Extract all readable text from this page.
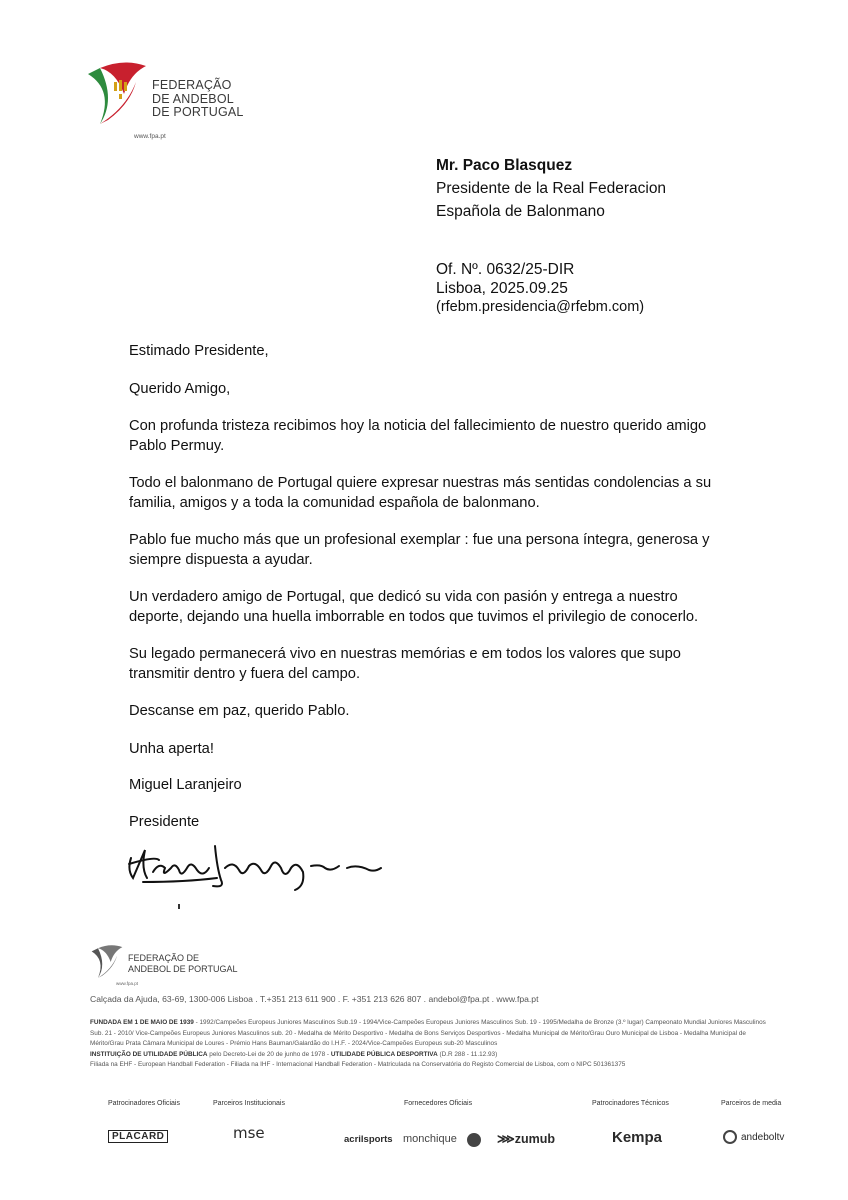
FEDERAÇÃO
DE ANDEBOL
DE PORTUGAL
www.fpa.pt
Mr. Paco Blasquez
Presidente de la Real Federacion
Española de Balonmano
Of. Nº. 0632/25-DIR
Lisboa, 2025.09.25
(rfebm.presidencia@rfebm.com)

Estimado Presidente,

Querido Amigo,

Con profunda tristeza recibimos hoy la noticia del fallecimiento de nuestro querido amigo Pablo Permuy.

Todo el balonmano de Portugal quiere expresar nuestras más sentidas condolencias a su familia, amigos y a toda la comunidad española de balonmano.

Pablo fue mucho más que un profesional exemplar : fue una persona íntegra, generosa y siempre dispuesta a ayudar.

Un verdadero amigo de Portugal, que dedicó su vida con pasión y entrega a nuestro deporte, dejando una huella imborrable en todos que tuvimos el privilegio de conocerlo.

Su legado permanecerá vivo en nuestras memórias e em todos los valores que supo transmitir dentro y fuera del campo.

Descanse em paz, querido Pablo.

Unha aperta!

Miguel Laranjeiro

Presidente

FEDERAÇÃO DE
ANDEBOL DE PORTUGAL
www.fpa.pt
Calçada da Ajuda, 63-69, 1300-006 Lisboa . T.+351 213 611 900 . F. +351 213 626 807 . andebol@fpa.pt . www.fpa.pt
FUNDADA EM 1 DE MAIO DE 1939 - 1992/Campeões Europeus Juniores Masculinos Sub.19 - 1994/Vice-Campeões Europeus Juniores Masculinos Sub. 19 - 1995/Medalha de Bronze (3.º lugar) Campeonato Mundial Juniores Masculinos Sub. 21 - 2010/ Vice-Campeões Europeus Juniores Masculinos sub. 20 - Medalha de Mérito Desportivo - Medalha de Bons Serviços Desportivos - Medalha Municipal de Mérito/Grau Ouro Municipal de Lisboa - Medalha Municipal de Mérito/Grau Prata Câmara Municipal de Loures - Prémio Hans Bauman/Galardão do I.H.F. - 2024/Vice-Campeões Europeus sub-20 Masculinos
INSTITUIÇÃO DE UTILIDADE PÚBLICA pelo Decreto-Lei de 20 de junho de 1978 - UTILIDADE PÚBLICA DESPORTIVA (D.R 288 - 11.12.93)
Filiada na EHF - European Handball Federation - Filiada na IHF - Internacional Handball Federation - Matriculada na Conservatória do Registo Comercial de Lisboa, com o NIPC 501361375
Patrocinadores Oficiais	Parceiros Institucionais	Fornecedores Oficiais	Patrocinadores Técnicos	Parceiros de media
PLACARD	mse	acrilsports monchique	⋙zumub	Kempa	andeboltv
